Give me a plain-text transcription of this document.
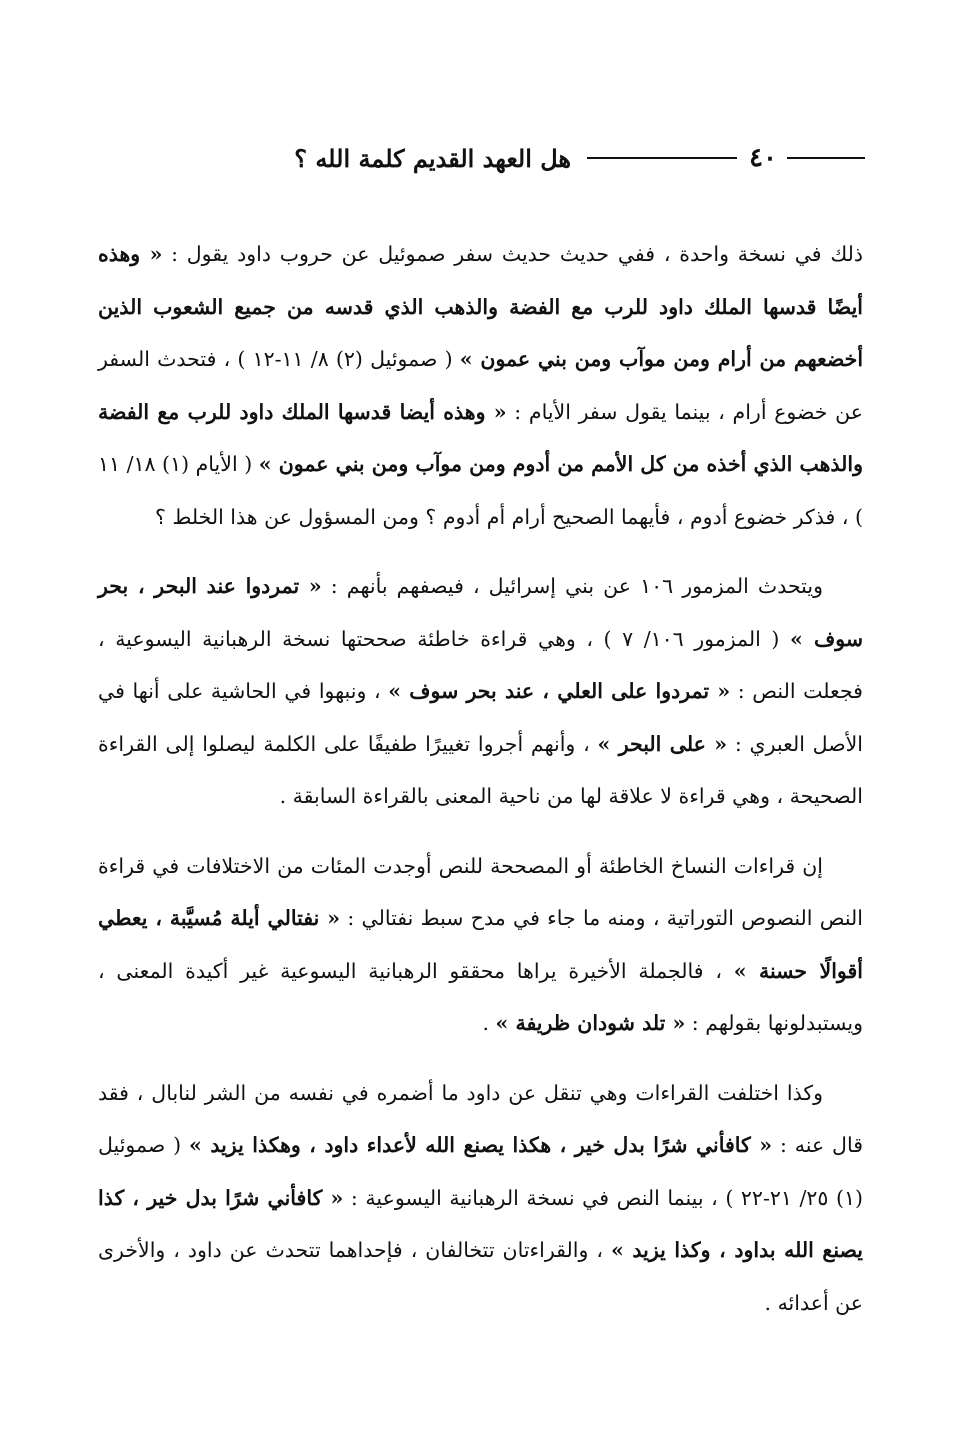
٤٠
هل العهد القديم كلمة الله ؟

ذلك في نسخة واحدة ، ففي حديث حديث سفر صموئيل عن حروب داود يقول : « وهذه أيضًا قدسها الملك داود للرب مع الفضة والذهب الذي قدسه من جميع الشعوب الذين أخضعهم من أرام ومن موآب ومن بني عمون » ( صموئيل (٢) ٨/ ١١-١٢ ) ، فتحدث السفر عن خضوع أرام ، بينما يقول سفر الأيام : « وهذه أيضا قدسها الملك داود للرب مع الفضة والذهب الذي أخذه من كل الأمم من أدوم ومن موآب ومن بني عمون » ( الأيام (١) ١٨/ ١١ ) ، فذكر خضوع أدوم ، فأيهما الصحيح أرام أم أدوم ؟ ومن المسؤول عن هذا الخلط ؟

ويتحدث المزمور ١٠٦ عن بني إسرائيل ، فيصفهم بأنهم : « تمردوا عند البحر ، بحر سوف » ( المزمور ١٠٦/ ٧ ) ، وهي قراءة خاطئة صححتها نسخة الرهبانية اليسوعية ، فجعلت النص : « تمردوا على العلي ، عند بحر سوف » ، ونبهوا في الحاشية على أنها في الأصل العبري : « على البحر » ، وأنهم أجروا تغييرًا طفيفًا على الكلمة ليصلوا إلى القراءة الصحيحة ، وهي قراءة لا علاقة لها من ناحية المعنى بالقراءة السابقة .

إن قراءات النساخ الخاطئة أو المصححة للنص أوجدت المئات من الاختلافات في قراءة النص النصوص التوراتية ، ومنه ما جاء في مدح سبط نفتالي : « نفتالي أيلة مُسيَّبة ، يعطي أقوالًا حسنة » ، فالجملة الأخيرة يراها محققو الرهبانية اليسوعية غير أكيدة المعنى ، ويستبدلونها بقولهم : « تلد شودان ظريفة » .

وكذا اختلفت القراءات وهي تنقل عن داود ما أضمره في نفسه من الشر لنابال ، فقد قال عنه : « كافأني شرًا بدل خير ، هكذا يصنع الله لأعداء داود ، وهكذا يزيد » ( صموئيل (١) ٢٥/ ٢١-٢٢ ) ، بينما النص في نسخة الرهبانية اليسوعية : « كافأني شرًا بدل خير ، كذا يصنع الله بداود ، وكذا يزيد » ، والقراءتان تتخالفان ، فإحداهما تتحدث عن داود ، والأخرى عن أعدائه .
